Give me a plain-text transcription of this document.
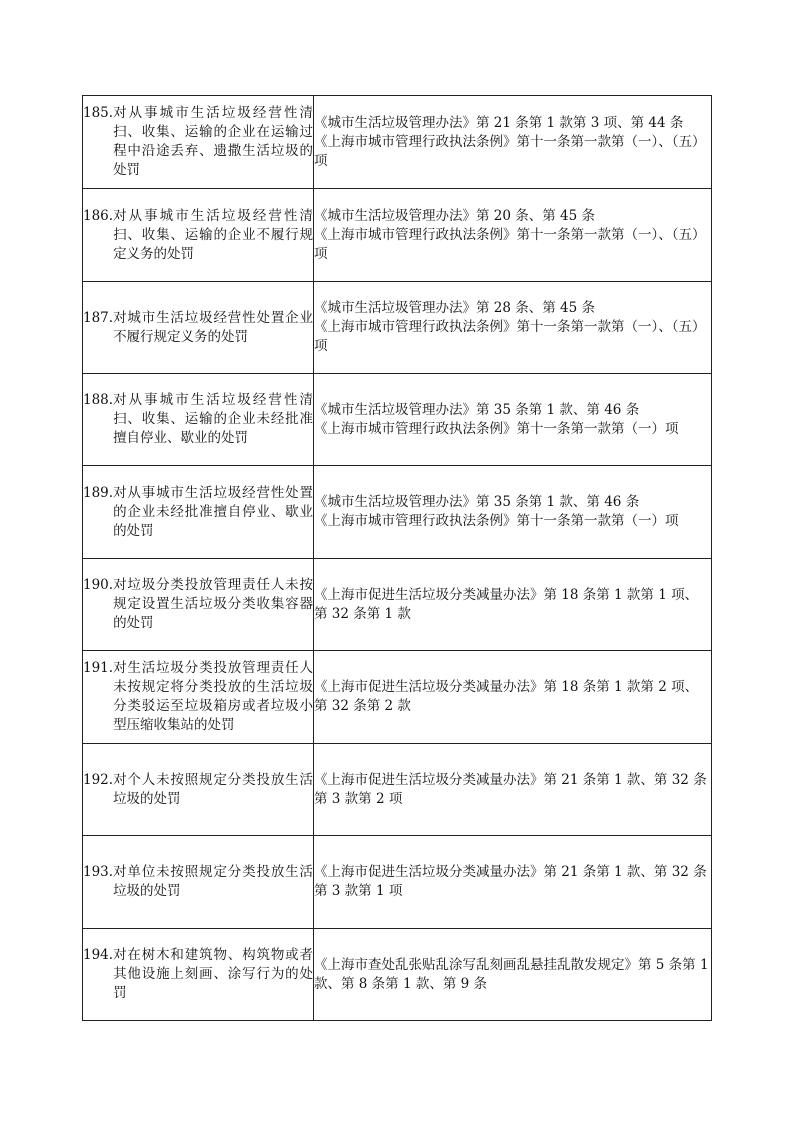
185. 对从事城市生活垃圾经营性清扫、收集、运输的企业在运输过程中沿途丢弃、遗撒生活垃圾的处罚	《城市生活垃圾管理办法》第 21 条第 1 款第 3 项、第 44 条
《上海市城市管理行政执法条例》第十一条第一款第（一）、（五）项

186. 对从事城市生活垃圾经营性清扫、收集、运输的企业不履行规定义务的处罚	《城市生活垃圾管理办法》第 20 条、第 45 条
《上海市城市管理行政执法条例》第十一条第一款第（一）、（五）项

187. 对城市生活垃圾经营性处置企业不履行规定义务的处罚	《城市生活垃圾管理办法》第 28 条、第 45 条
《上海市城市管理行政执法条例》第十一条第一款第（一）、（五）项

188. 对从事城市生活垃圾经营性清扫、收集、运输的企业未经批准擅自停业、歇业的处罚	《城市生活垃圾管理办法》第 35 条第 1 款、第 46 条
《上海市城市管理行政执法条例》第十一条第一款第（一）项

189. 对从事城市生活垃圾经营性处置的企业未经批准擅自停业、歇业的处罚	《城市生活垃圾管理办法》第 35 条第 1 款、第 46 条
《上海市城市管理行政执法条例》第十一条第一款第（一）项

190. 对垃圾分类投放管理责任人未按规定设置生活垃圾分类收集容器的处罚	《上海市促进生活垃圾分类减量办法》第 18 条第 1 款第 1 项、第 32 条第 1 款

191. 对生活垃圾分类投放管理责任人未按规定将分类投放的生活垃圾分类驳运至垃圾箱房或者垃圾小型压缩收集站的处罚	《上海市促进生活垃圾分类减量办法》第 18 条第 1 款第 2 项、第 32 条第 2 款

192. 对个人未按照规定分类投放生活垃圾的处罚	《上海市促进生活垃圾分类减量办法》第 21 条第 1 款、第 32 条第 3 款第 2 项

193. 对单位未按照规定分类投放生活垃圾的处罚	《上海市促进生活垃圾分类减量办法》第 21 条第 1 款、第 32 条第 3 款第 1 项

194. 对在树木和建筑物、构筑物或者其他设施上刻画、涂写行为的处罚	《上海市查处乱张贴乱涂写乱刻画乱悬挂乱散发规定》第 5 条第 1 款、第 8 条第 1 款、第 9 条
